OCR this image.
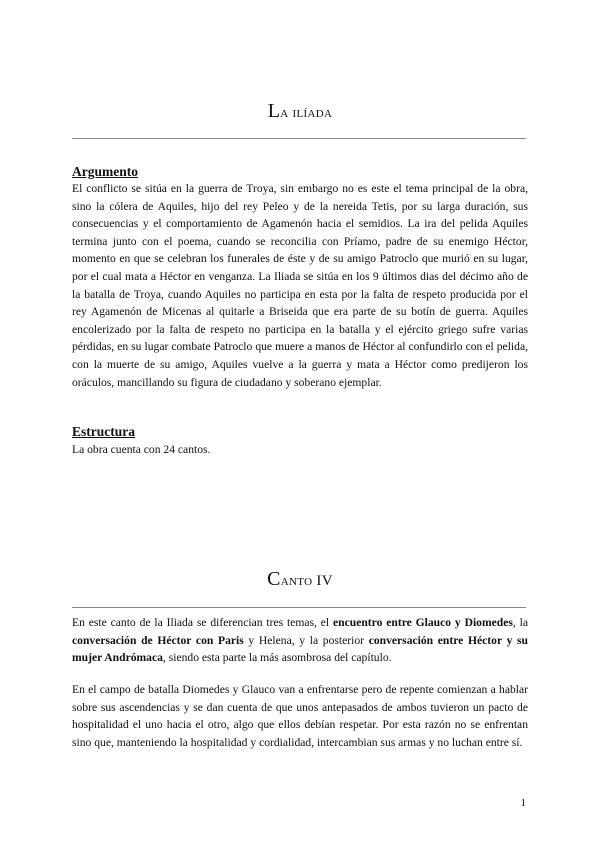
La ilíada
Argumento
El conflicto se sitúa en la guerra de Troya, sin embargo no es este el tema principal de la obra, sino la cólera de Aquiles, hijo del rey Peleo y de la nereida Tetis, por su larga duración, sus consecuencias y el comportamiento de Agamenón hacia el semidios. La ira del pelida Aquiles termina junto con el poema, cuando se reconcilia con Príamo, padre de su enemigo Héctor, momento en que se celebran los funerales de éste y de su amigo Patroclo que murió en su lugar, por el cual mata a Héctor en venganza. La Iliada se sitúa en los 9 últimos dias del décimo año de la batalla de Troya, cuando Aquiles no participa en esta por la falta de respeto producida por el rey Agamenón de Micenas al quitarle a Briseida que era parte de su botín de guerra. Aquiles encolerizado por la falta de respeto no participa en la batalla y el ejército griego sufre varias pérdidas, en su lugar combate Patroclo que muere a manos de Héctor al confundirlo con el pelida, con la muerte de su amigo, Aquiles vuelve a la guerra y mata a Héctor como predijeron los oráculos, mancillando su figura de ciudadano y soberano ejemplar.
Estructura
La obra cuenta con 24 cantos.
Canto IV
En este canto de la Iliada se diferencian tres temas, el encuentro entre Glauco y Diomedes, la conversación de Héctor con Paris y Helena, y la posterior conversación entre Héctor y su mujer Andrómaca, siendo esta parte la más asombrosa del capítulo.
En el campo de batalla Diomedes y Glauco van a enfrentarse pero de repente comienzan a hablar sobre sus ascendencias y se dan cuenta de que unos antepasados de ambos tuvieron un pacto de hospitalidad el uno hacia el otro, algo que ellos debían respetar. Por esta razón no se enfrentan sino que, manteniendo la hospitalidad y cordialidad, intercambian sus armas y no luchan entre sí.
1
